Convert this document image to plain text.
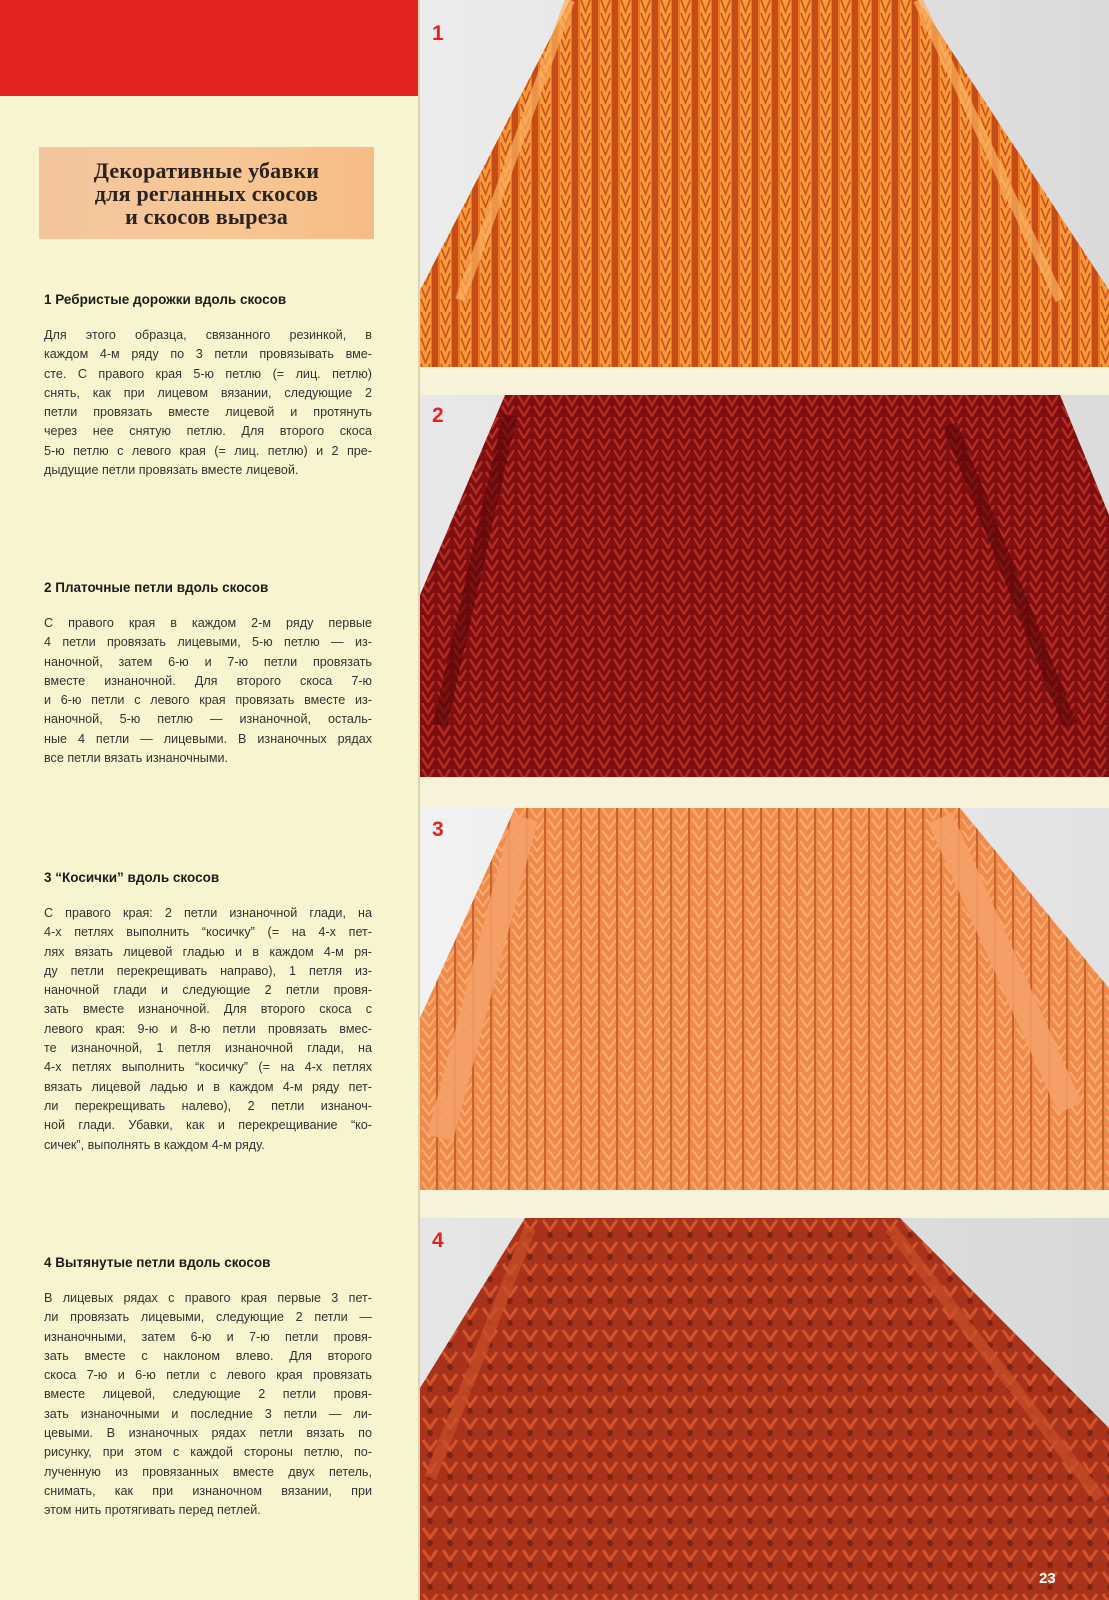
Декоративные убавки
для регланных скосов
и скосов выреза
1 Ребристые дорожки вдоль скосов

Для этого образца, связанного резинкой, в
каждом 4-м ряду по 3 петли провязывать вме-
сте. С правого края 5-ю петлю (= лиц. петлю)
снять, как при лицевом вязании, следующие 2
петли провязать вместе лицевой и протянуть
через нее снятую петлю. Для второго скоса
5-ю петлю с левого края (= лиц. петлю) и 2 пре-
дыдущие петли провязать вместе лицевой.

2 Платочные петли вдоль скосов

С правого края в каждом 2-м ряду первые
4 петли провязать лицевыми, 5-ю петлю — из-
наночной, затем 6-ю и 7-ю петли провязать
вместе изнаночной. Для второго скоса 7-ю
и 6-ю петли с левого края провязать вместе из-
наночной, 5-ю петлю — изнаночной, осталь-
ные 4 петли — лицевыми. В изнаночных рядах
все петли вязать изнаночными.

3 “Косички” вдоль скосов

С правого края: 2 петли изнаночной глади, на
4-х петлях выполнить “косичку” (= на 4-х пет-
лях вязать лицевой гладью и в каждом 4-м ря-
ду петли перекрещивать направо), 1 петля из-
наночной глади и следующие 2 петли провя-
зать вместе изнаночной. Для второго скоса с
левого края: 9-ю и 8-ю петли провязать вмес-
те изнаночной, 1 петля изнаночной глади, на
4-х петлях выполнить “косичку” (= на 4-х петлях
вязать лицевой ладью и в каждом 4-м ряду пет-
ли перекрещивать налево), 2 петли изнаноч-
ной глади. Убавки, как и перекрещивание “ко-
сичек”, выполнять в каждом 4-м ряду.

4 Вытянутые петли вдоль скосов

В лицевых рядах с правого края первые 3 пет-
ли провязать лицевыми, следующие 2 петли —
изнаночными, затем 6-ю и 7-ю петли провя-
зать вместе с наклоном влево. Для второго
скоса 7-ю и 6-ю петли с левого края провязать
вместе лицевой, следующие 2 петли провя-
зать изнаночными и последние 3 петли — ли-
цевыми. В изнаночных рядах петли вязать по
рисунку, при этом с каждой стороны петлю, по-
лученную из провязанных вместе двух петель,
снимать, как при изнаночном вязании, при
этом нить протягивать перед петлей.

1
2
3
4
23
